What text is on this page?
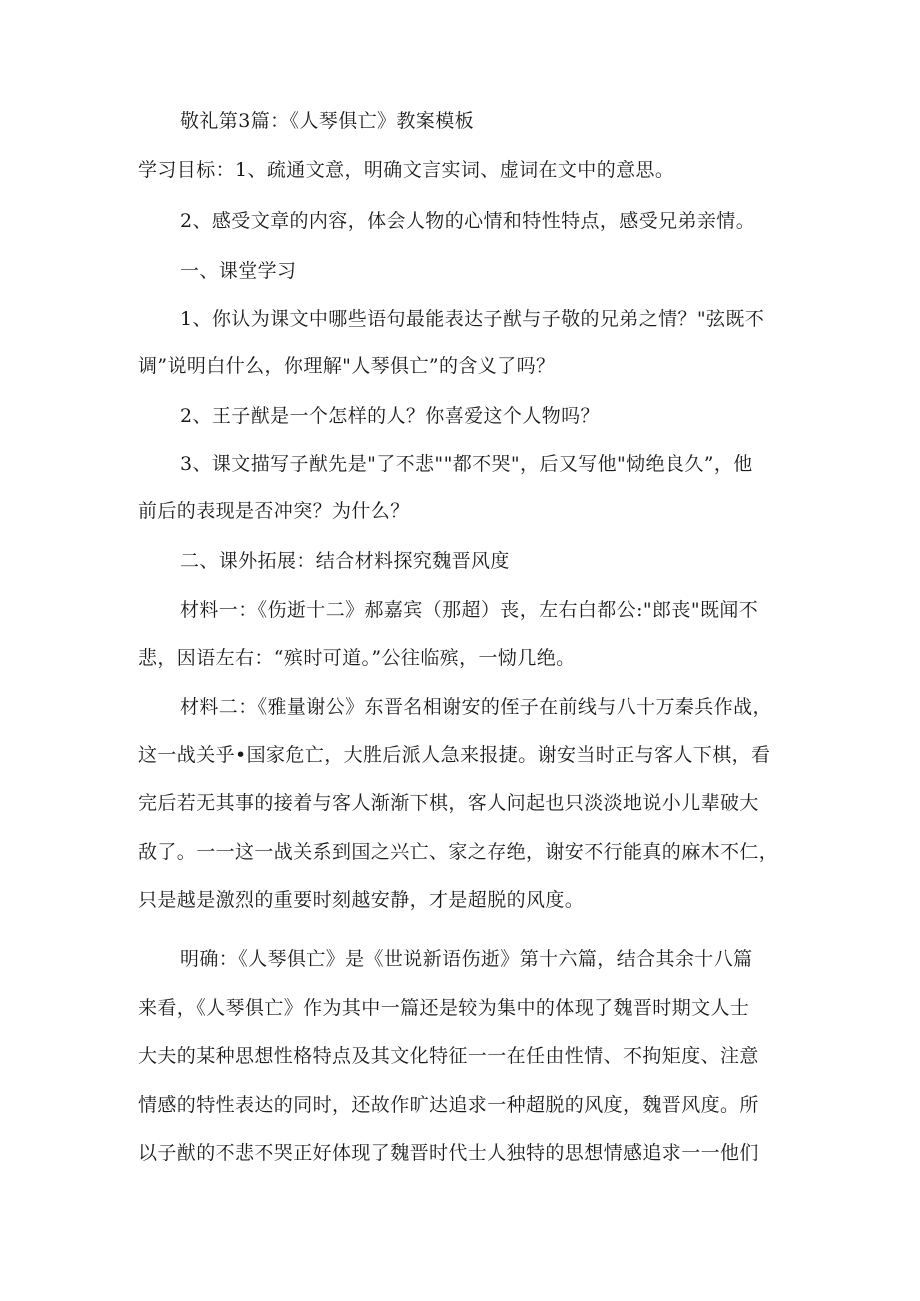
敬礼第3篇：《人琴俱亡》教案模板
学习目标：1、疏通文意，明确文言实词、虚词在文中的意思。
2、感受文章的内容，体会人物的心情和特性特点，感受兄弟亲情。
一、课堂学习
1、你认为课文中哪些语句最能表达子猷与子敬的兄弟之情？"弦既不
调”说明白什么，你理解"人琴俱亡”的含义了吗？
2、王子猷是一个怎样的人？你喜爱这个人物吗？
3、课文描写子猷先是"了不悲""都不哭"，后又写他"恸绝良久”，他
前后的表现是否冲突？为什么？
二、课外拓展：结合材料探究魏晋风度
材料一：《伤逝十二》郝嘉宾（那超）丧，左右白都公:"郎丧"既闻不
悲，因语左右：“殡时可道。”公往临殡，一恸几绝。
材料二：《雅量谢公》东晋名相谢安的侄子在前线与八十万秦兵作战，
这一战关乎•国家危亡，大胜后派人急来报捷。谢安当时正与客人下棋，看
完后若无其事的接着与客人渐渐下棋，客人问起也只淡淡地说小儿辈破大
敌了。一一这一战关系到国之兴亡、家之存绝，谢安不行能真的麻木不仁，
只是越是激烈的重要时刻越安静，才是超脱的风度。
明确：《人琴俱亡》是《世说新语伤逝》第十六篇，结合其余十八篇
来看，《人琴俱亡》作为其中一篇还是较为集中的体现了魏晋时期文人士
大夫的某种思想性格特点及其文化特征一一在任由性情、不拘矩度、注意
情感的特性表达的同时，还故作旷达追求一种超脱的风度，魏晋风度。所
以子猷的不悲不哭正好体现了魏晋时代士人独特的思想情感追求一一他们
